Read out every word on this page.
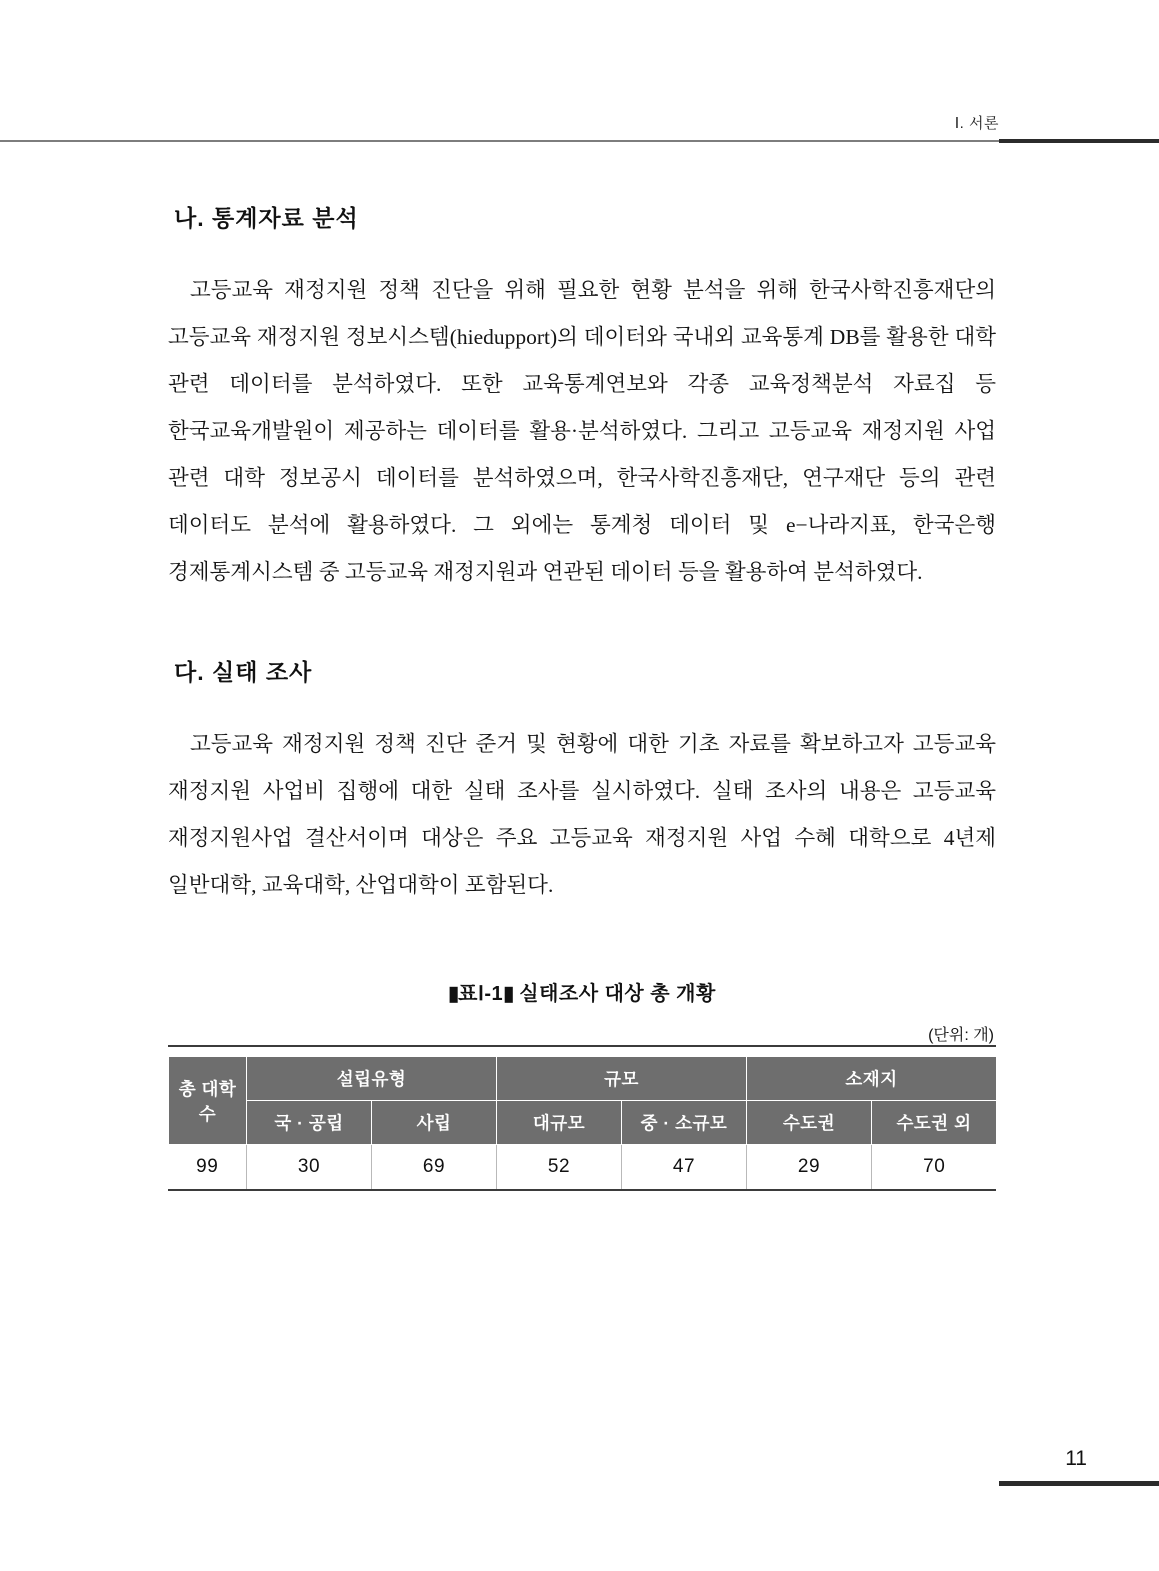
Ⅰ. 서론
나. 통계자료 분석

고등교육 재정지원 정책 진단을 위해 필요한 현황 분석을 위해 한국사학진흥재단의 고등교육 재정지원 정보시스템(hiedupport)의 데이터와 국내외 교육통계 DB를 활용한 대학 관련 데이터를 분석하였다. 또한 교육통계연보와 각종 교육정책분석 자료집 등 한국교육개발원이 제공하는 데이터를 활용·분석하였다. 그리고 고등교육 재정지원 사업 관련 대학 정보공시 데이터를 분석하였으며, 한국사학진흥재단, 연구재단 등의 관련 데이터도 분석에 활용하였다. 그 외에는 통계청 데이터 및 e−나라지표, 한국은행 경제통계시스템 중 고등교육 재정지원과 연관된 데이터 등을 활용하여 분석하였다.

다. 실태 조사

고등교육 재정지원 정책 진단 준거 및 현황에 대한 기초 자료를 확보하고자 고등교육 재정지원 사업비 집행에 대한 실태 조사를 실시하였다. 실태 조사의 내용은 고등교육 재정지원사업 결산서이며 대상은 주요 고등교육 재정지원 사업 수혜 대학으로 4년제 일반대학, 교육대학, 산업대학이 포함된다.

▮표Ⅰ-1▮ 실태조사 대상 총 개황
(단위: 개)
총 대학수	설립유형		규모		소재지	
	국 · 공립	사립	대규모	중 · 소규모	수도권	수도권 외
99	30	69	52	47	29	70
11
